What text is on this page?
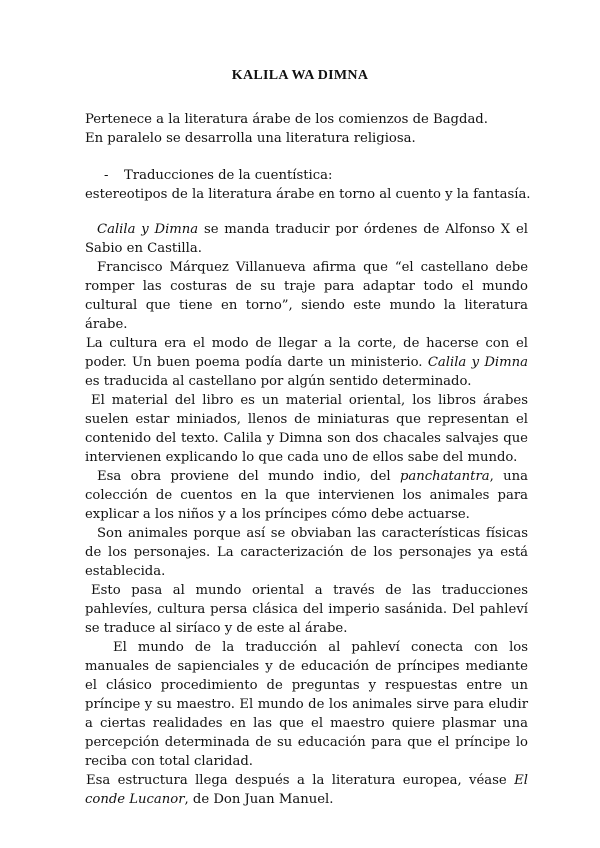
KALILA WA DIMNA
Pertenece a la literatura árabe de los comienzos de Bagdad.
En paralelo se desarrolla una literatura religiosa.
- Traducciones de la cuentística:
estereotipos de la literatura árabe en torno al cuento y la fantasía.

Calila y Dimna se manda traducir por órdenes de Alfonso X el Sabio en Castilla.

Francisco Márquez Villanueva afirma que “el castellano debe romper las costuras de su traje para adaptar todo el mundo cultural que tiene en torno”, siendo este mundo la literatura árabe.

La cultura era el modo de llegar a la corte, de hacerse con el poder. Un buen poema podía darte un ministerio. Calila y Dimna es traducida al castellano por algún sentido determinado.

El material del libro es un material oriental, los libros árabes suelen estar miniados, llenos de miniaturas que representan el contenido del texto. Calila y Dimna son dos chacales salvajes que intervienen explicando lo que cada uno de ellos sabe del mundo.

Esa obra proviene del mundo indio, del panchatantra, una colección de cuentos en la que intervienen los animales para explicar a los niños y a los príncipes cómo debe actuarse.

Son animales porque así se obviaban las características físicas de los personajes. La caracterización de los personajes ya está establecida.

Esto pasa al mundo oriental a través de las traducciones pahlevíes, cultura persa clásica del imperio sasánida. Del pahleví se traduce al siríaco y de este al árabe.

El mundo de la traducción al pahleví conecta con los manuales de sapienciales y de educación de príncipes mediante el clásico procedimiento de preguntas y respuestas entre un príncipe y su maestro. El mundo de los animales sirve para eludir a ciertas realidades en las que el maestro quiere plasmar una percepción determinada de su educación para que el príncipe lo reciba con total claridad.

Esa estructura llega después a la literatura europea, véase El conde Lucanor, de Don Juan Manuel.
